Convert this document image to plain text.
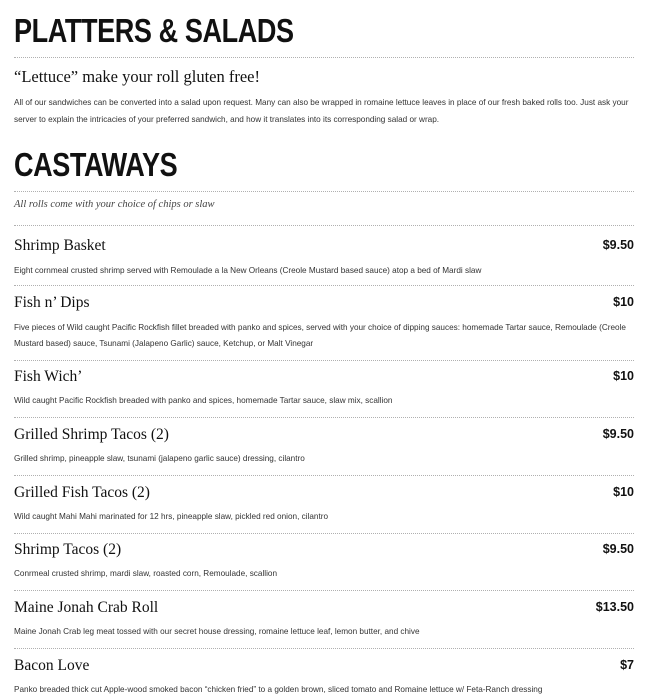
PLATTERS & SALADS
“Lettuce” make your roll gluten free!
All of our sandwiches can be converted into a salad upon request. Many can also be wrapped in romaine lettuce leaves in place of our fresh baked rolls too. Just ask your server to explain the intricacies of your preferred sandwich, and how it translates into its corresponding salad or wrap.
CASTAWAYS
All rolls come with your choice of chips or slaw
Shrimp Basket	$9.50
Eight cornmeal crusted shrimp served with Remoulade a la New Orleans (Creole Mustard based sauce) atop a bed of Mardi slaw
Fish n’ Dips	$10
Five pieces of Wild caught Pacific Rockfish fillet breaded with panko and spices, served with your choice of dipping sauces: homemade Tartar sauce, Remoulade (Creole Mustard based) sauce, Tsunami (Jalapeno Garlic) sauce, Ketchup, or Malt Vinegar
Fish Wich’	$10
Wild caught Pacific Rockfish breaded with panko and spices, homemade Tartar sauce, slaw mix, scallion
Grilled Shrimp Tacos (2)	$9.50
Grilled shrimp, pineapple slaw, tsunami (jalapeno garlic sauce) dressing, cilantro
Grilled Fish Tacos (2)	$10
Wild caught Mahi Mahi marinated for 12 hrs, pineapple slaw, pickled red onion, cilantro
Shrimp Tacos (2)	$9.50
Conrmeal crusted shrimp, mardi slaw, roasted corn, Remoulade, scallion
Maine Jonah Crab Roll	$13.50
Maine Jonah Crab leg meat tossed with our secret house dressing, romaine lettuce leaf, lemon butter, and chive
Bacon Love	$7
Panko breaded thick cut Apple-wood smoked bacon “chicken fried” to a golden brown, sliced tomato and Romaine lettuce w/ Feta-Ranch dressing
